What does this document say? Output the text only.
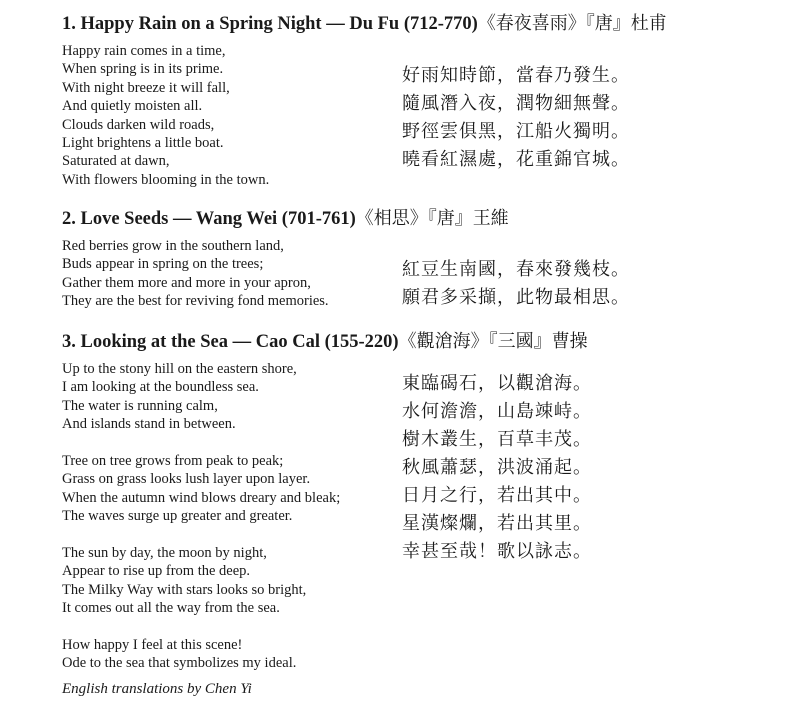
1. Happy Rain on a Spring Night — Du Fu (712-770)《春夜喜雨》『唐』杜甫
Happy rain comes in a time,
When spring is in its prime.
With night breeze it will fall,
And quietly moisten all.
Clouds darken wild roads,
Light brightens a little boat.
Saturated at dawn,
With flowers blooming in the town.
好雨知時節，當春乃發生。
隨風潛入夜，潤物細無聲。
野徑雲俱黑，江船火獨明。
曉看紅濕處，花重錦官城。
2. Love Seeds — Wang Wei (701-761)《相思》『唐』王維
Red berries grow in the southern land,
Buds appear in spring on the trees;
Gather them more and more in your apron,
They are the best for reviving fond memories.
紅豆生南國，春來發幾枝。
願君多采擷，此物最相思。
3. Looking at the Sea — Cao Cal (155-220)《觀滄海》『三國』曹操
Up to the stony hill on the eastern shore,
I am looking at the boundless sea.
The water is running calm,
And islands stand in between.
Tree on tree grows from peak to peak;
Grass on grass looks lush layer upon layer.
When the autumn wind blows dreary and bleak;
The waves surge up greater and greater.
The sun by day, the moon by night,
Appear to rise up from the deep.
The Milky Way with stars looks so bright,
It comes out all the way from the sea.
How happy I feel at this scene!
Ode to the sea that symbolizes my ideal.
東臨碣石，以觀滄海。
水何澹澹，山島竦峙。
樹木叢生，百草丰茂。
秋風蕭瑟，洪波涌起。
日月之行，若出其中。
星漢燦爛，若出其里。
幸甚至哉！歌以詠志。
English translations by Chen Yi
